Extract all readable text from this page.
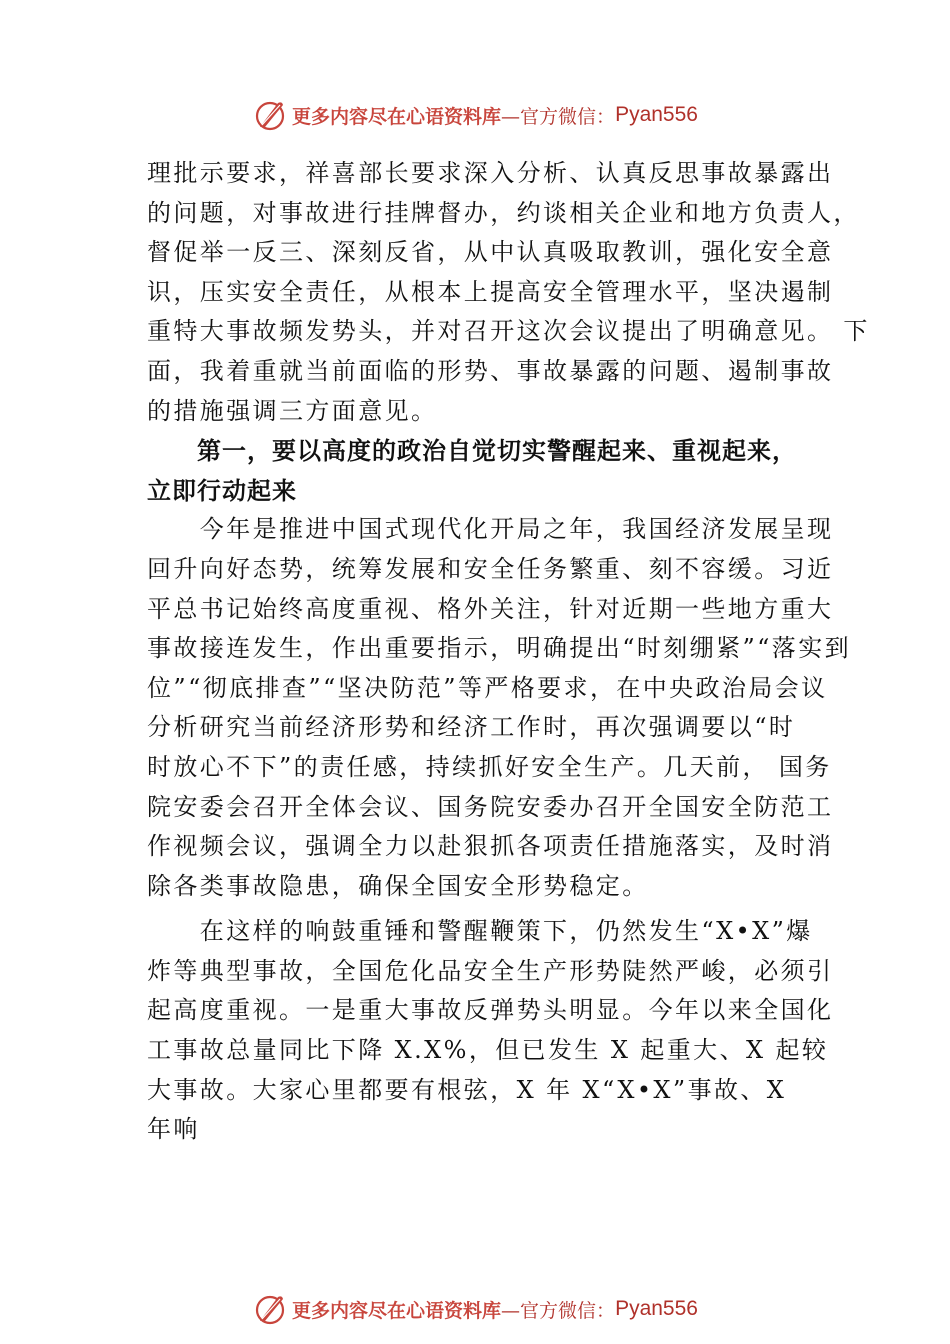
更多内容尽在心语资料库 —官方微信： Pyan556
理批示要求，祥喜部长要求深入分析、认真反思事故暴露出
的问题，对事故进行挂牌督办，约谈相关企业和地方负责人，
督促举一反三、深刻反省，从中认真吸取教训，强化安全意
识，压实安全责任，从根本上提高安全管理水平，坚决遏制
重特大事故频发势头，并对召开这次会议提出了明确意见。 下
面，我着重就当前面临的形势、事故暴露的问题、遏制事故
的措施强调三方面意见。
　　第一，要以高度的政治自觉切实警醒起来、重视起来，
立即行动起来
　　今年是推进中国式现代化开局之年，我国经济发展呈现
回升向好态势，统筹发展和安全任务繁重、刻不容缓。习近
平总书记始终高度重视、格外关注，针对近期一些地方重大
事故接连发生，作出重要指示，明确提出“时刻绷紧”“落实到
位”“彻底排查”“坚决防范”等严格要求，在中央政治局会议
分析研究当前经济形势和经济工作时，再次强调要以“时
时放心不下”的责任感，持续抓好安全生产。几天前， 国务
院安委会召开全体会议、国务院安委办召开全国安全防范工
作视频会议，强调全力以赴狠抓各项责任措施落实，及时消
除各类事故隐患，确保全国安全形势稳定。
　　在这样的响鼓重锤和警醒鞭策下，仍然发生“X•X”爆
炸等典型事故，全国危化品安全生产形势陡然严峻，必须引
起高度重视。一是重大事故反弹势头明显。今年以来全国化
工事故总量同比下降 X.X%，但已发生 X 起重大、X 起较
大事故。大家心里都要有根弦，X 年 X“X•X”事故、X
年响
更多内容尽在心语资料库 —官方微信： Pyan556
